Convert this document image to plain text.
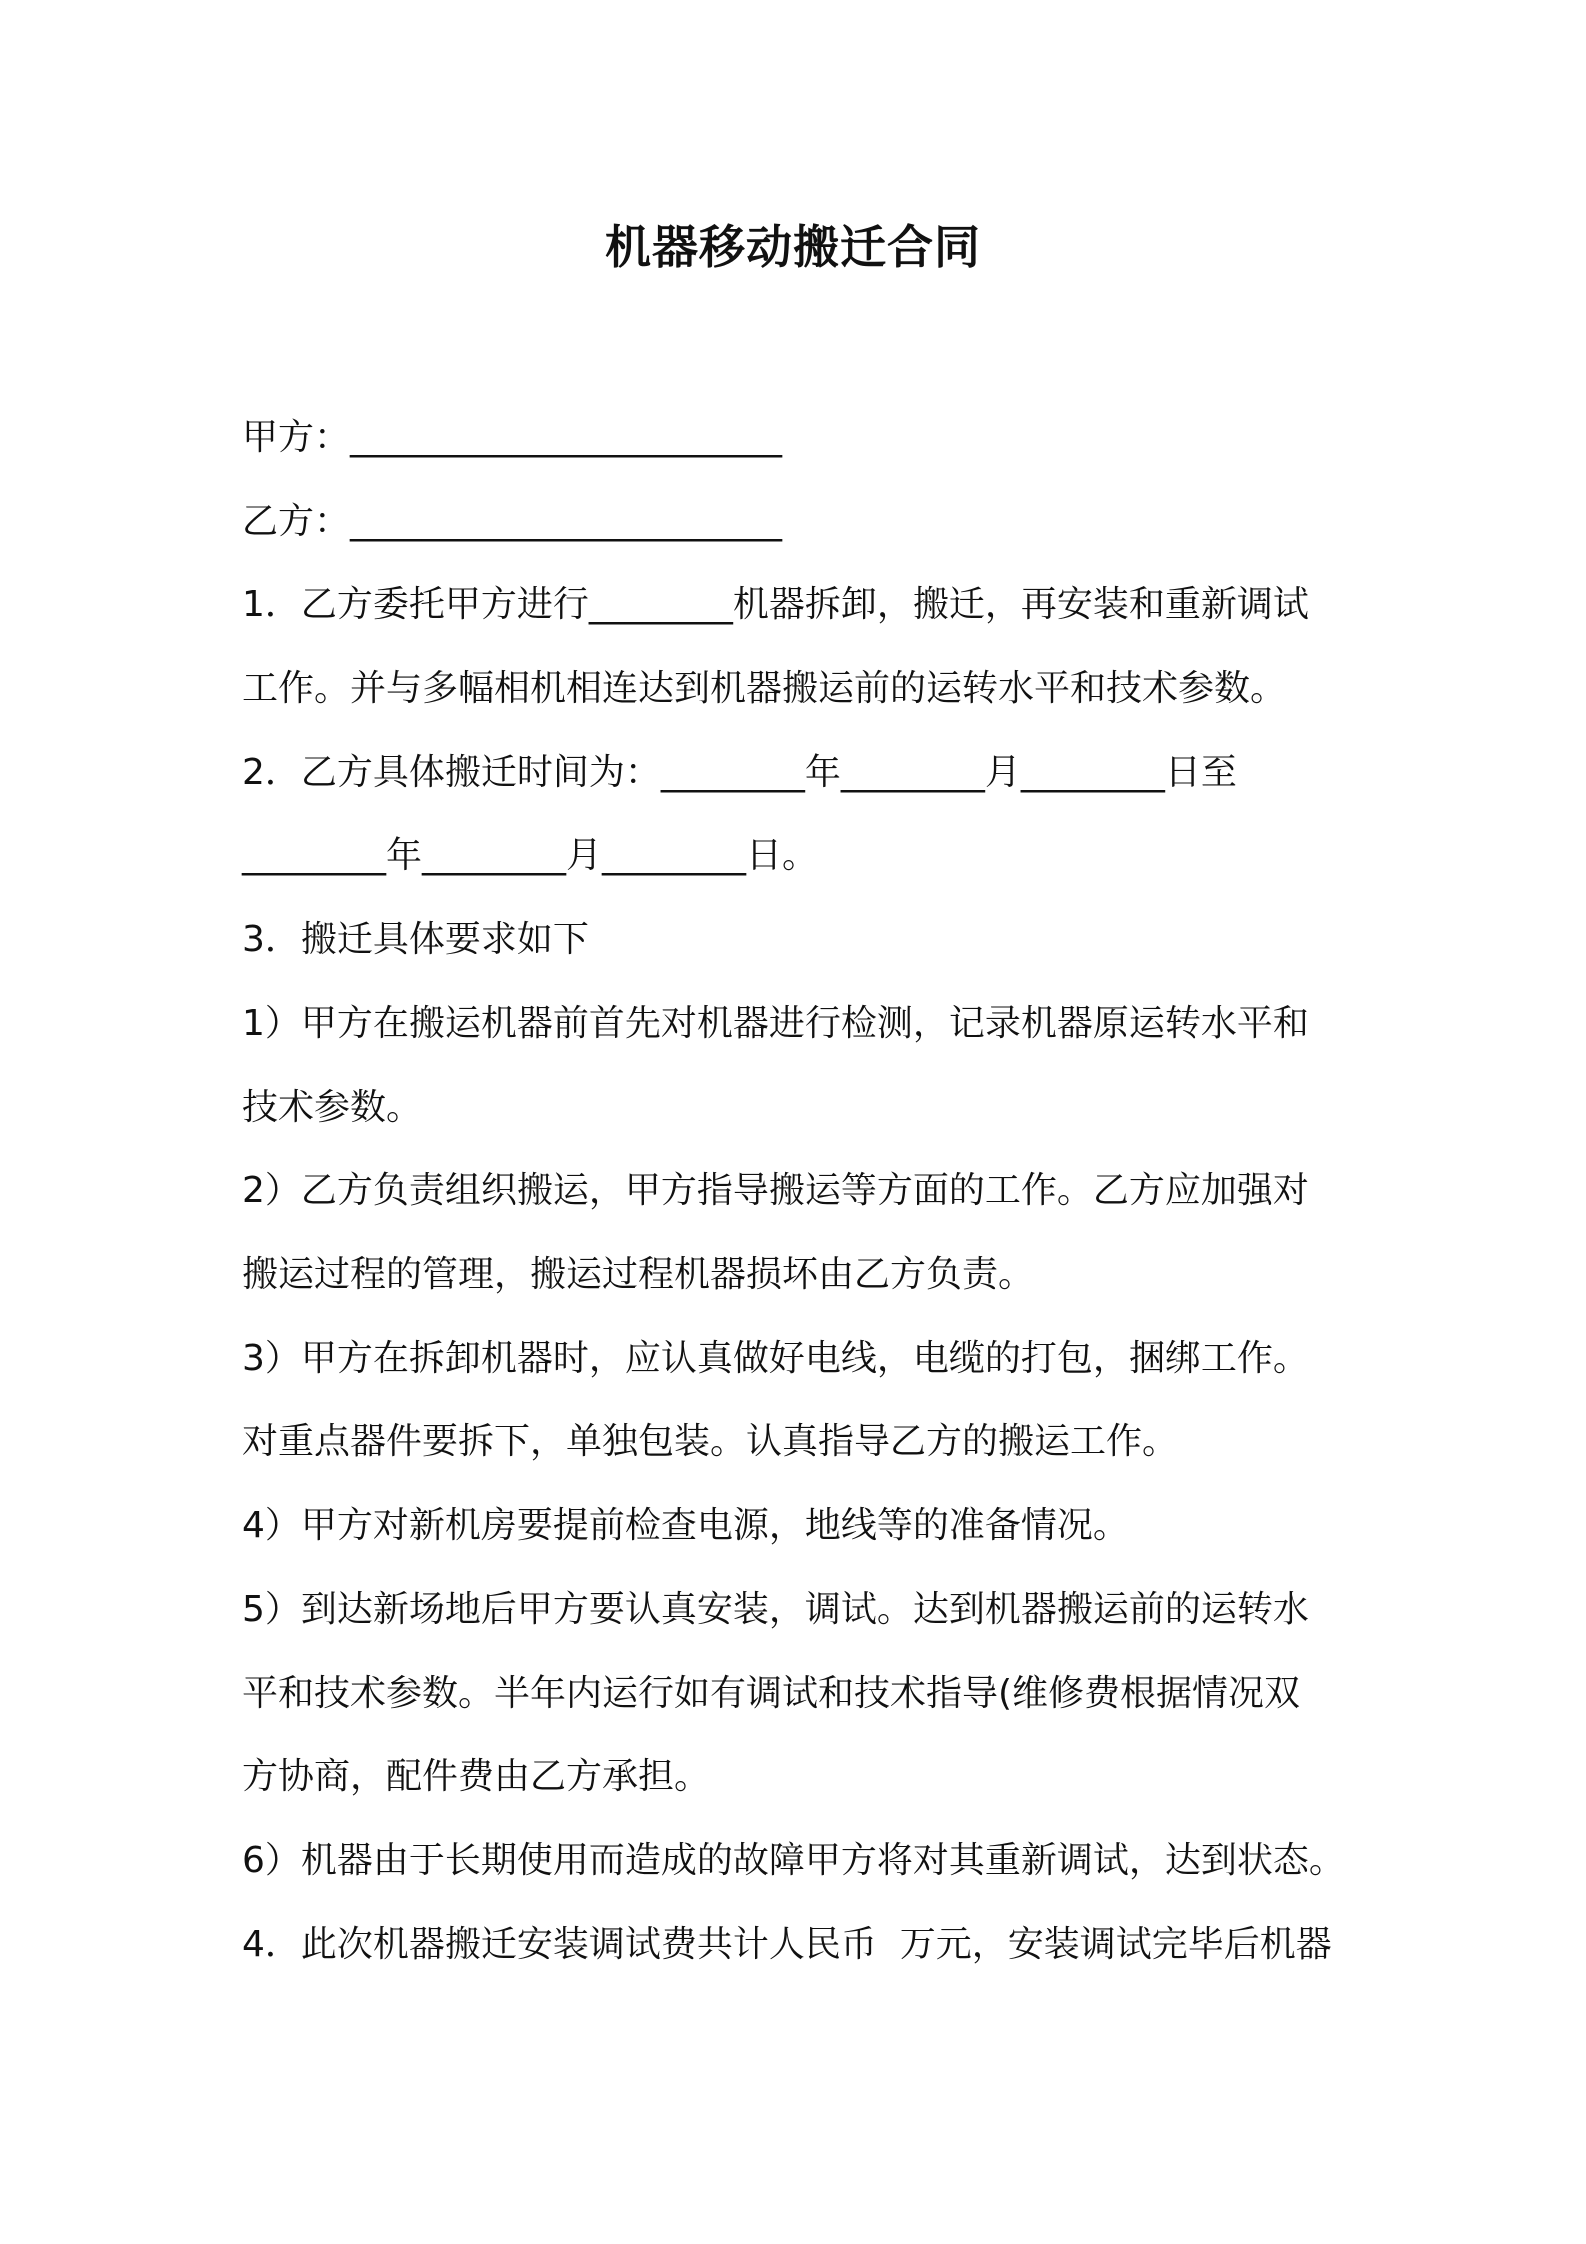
机器移动搬迁合同

甲方：________________________

乙方：________________________

1．乙方委托甲方进行________机器拆卸，搬迁，再安装和重新调试

工作。并与多幅相机相连达到机器搬运前的运转水平和技术参数。

2．乙方具体搬迁时间为：________年________月________日至

________年________月________日。

3．搬迁具体要求如下

1）甲方在搬运机器前首先对机器进行检测，记录机器原运转水平和

技术参数。

2）乙方负责组织搬运，甲方指导搬运等方面的工作。乙方应加强对

搬运过程的管理，搬运过程机器损坏由乙方负责。

3）甲方在拆卸机器时，应认真做好电线，电缆的打包，捆绑工作。

对重点器件要拆下，单独包装。认真指导乙方的搬运工作。

4）甲方对新机房要提前检查电源，地线等的准备情况。

5）到达新场地后甲方要认真安装，调试。达到机器搬运前的运转水

平和技术参数。半年内运行如有调试和技术指导(维修费根据情况双

方协商，配件费由乙方承担。

6）机器由于长期使用而造成的故障甲方将对其重新调试，达到状态。

4．此次机器搬迁安装调试费共计人民币  万元，安装调试完毕后机器
